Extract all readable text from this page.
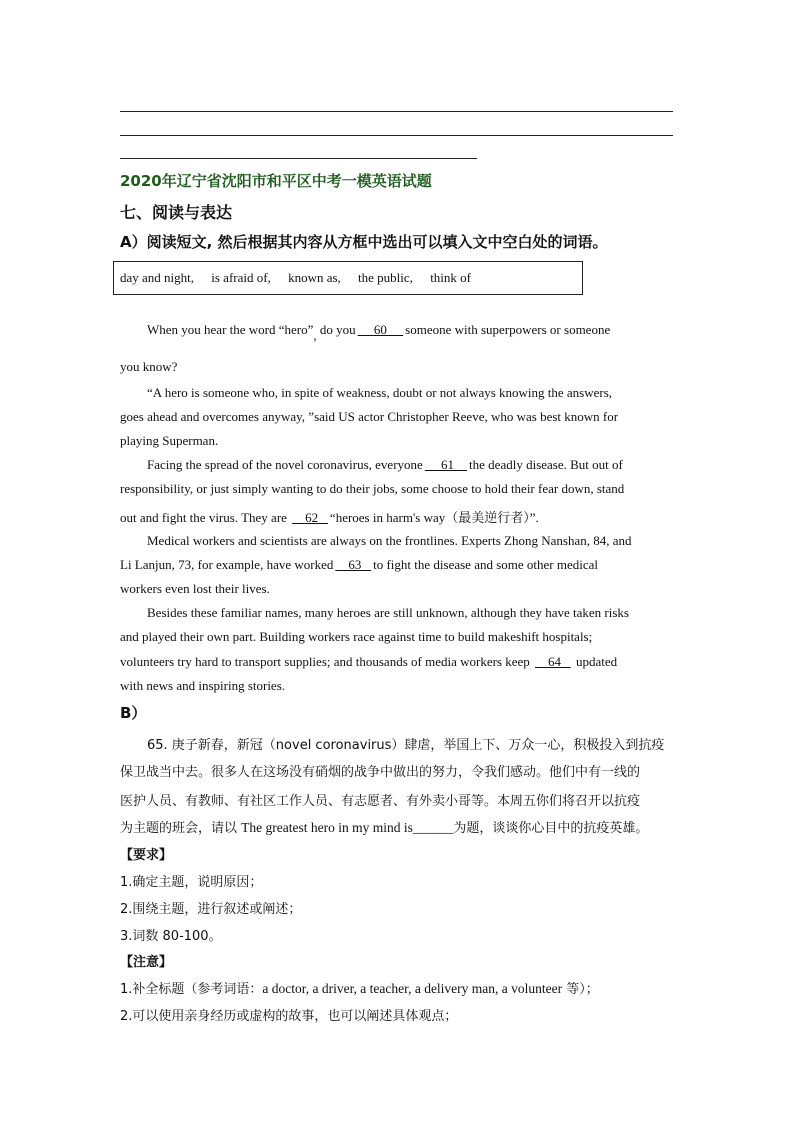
2020年辽宁省沈阳市和平区中考一模英语试题
七、阅读与表达
A）阅读短文, 然后根据其内容从方框中选出可以填入文中空白处的词语。
day and night, is afraid of, known as, the public, think of
When you hear the word “hero”, do you 60 someone with superpowers or someone
you know?
“A hero is someone who, in spite of weakness, doubt or not always knowing the answers,
goes ahead and overcomes anyway, ”said US actor Christopher Reeve, who was best known for
playing Superman.
Facing the spread of the novel coronavirus, everyone 61 the deadly disease. But out of
responsibility, or just simply wanting to do their jobs, some choose to hold their fear down, stand
out and fight the virus. They are     62 “heroes in harm's way（最美逆行者）”.
Medical workers and scientists are always on the frontlines. Experts Zhong Nanshan, 84, and
Li Lanjun, 73, for example, have worked 63 to fight the disease and some other medical
workers even lost their lives.
Besides these familiar names, many heroes are still unknown, although they have taken risks
and played their own part. Building workers race against time to build makeshift hospitals;
volunteers try hard to transport supplies; and thousands of media workers keep     64    updated
with news and inspiring stories.
B）
65. 庚子新春，新冠（novel coronavirus）肆虐，举国上下、万众一心，积极投入到抗疫
保卫战当中去。很多人在这场没有硝烟的战争中做出的努力，令我们感动。他们中有一线的
医护人员、有教师、有社区工作人员、有志愿者、有外卖小哥等。本周五你们将召开以抗疫
为主题的班会，请以 The greatest hero in my mind is______为题，谈谈你心目中的抗疫英雄。
【要求】
1.确定主题，说明原因；
2.围绕主题，进行叙述或阐述；
3.词数 80-100。
【注意】
1.补全标题（参考词语：a doctor, a driver, a teacher, a delivery man, a volunteer 等）；
2.可以使用亲身经历或虚构的故事，也可以阐述具体观点；
